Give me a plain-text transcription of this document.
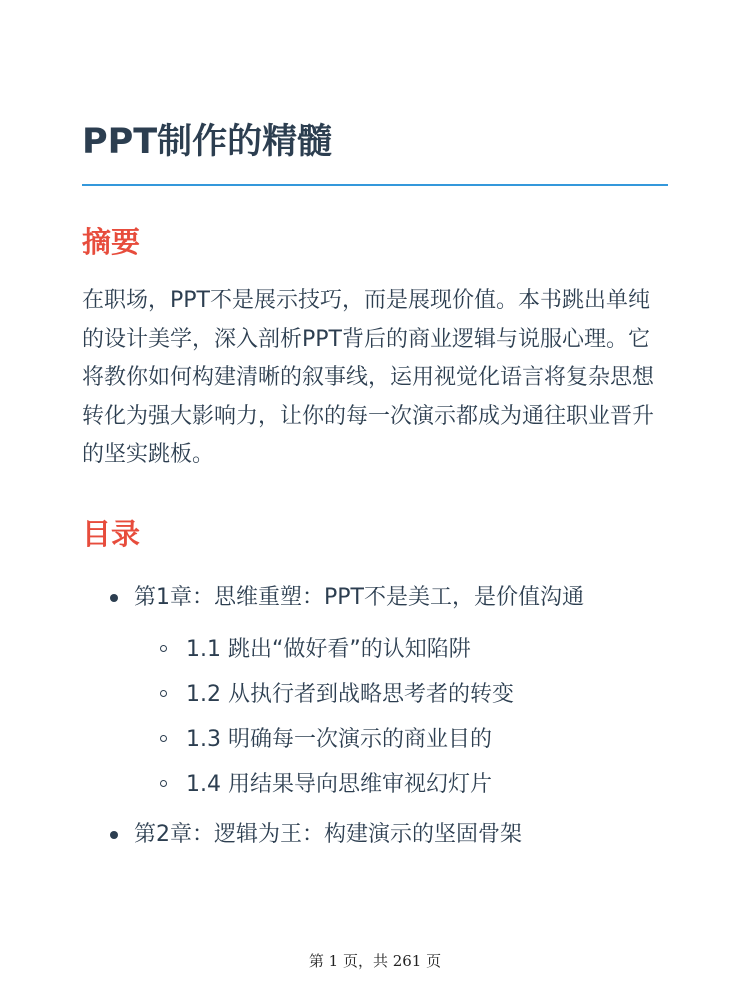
PPT制作的精髓
摘要

在职场，PPT不是展示技巧，而是展现价值。本书跳出单纯的设计美学，深入剖析PPT背后的商业逻辑与说服心理。它将教你如何构建清晰的叙事线，运用视觉化语言将复杂思想转化为强大影响力，让你的每一次演示都成为通往职业晋升的坚实跳板。

目录
第1章：思维重塑：PPT不是美工，是价值沟通
1.1 跳出“做好看”的认知陷阱
1.2 从执行者到战略思考者的转变
1.3 明确每一次演示的商业目的
1.4 用结果导向思维审视幻灯片
第2章：逻辑为王：构建演示的坚固骨架
第 1 页，共 261 页
